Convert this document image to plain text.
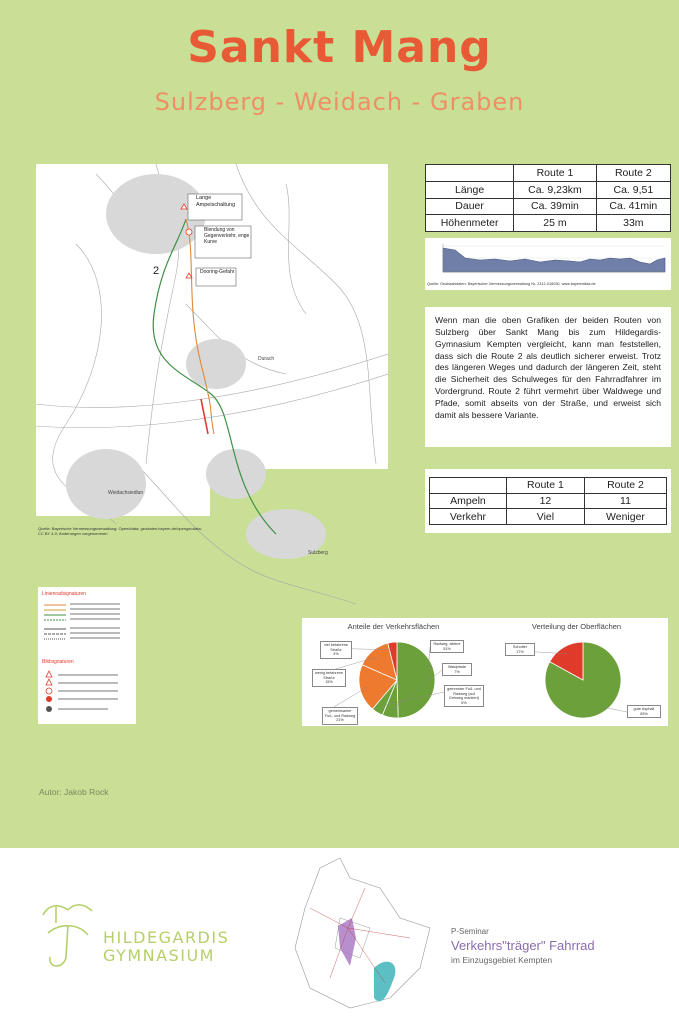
Sankt Mang
Sulzberg - Weidach - Graben
2
Lange Ampelschaltung
Blendung von Gegenverkehr, enge Kurve
Dooring-Gefahr
Durach
Weidachsiedlun
Sulzberg
Quelle: Bayerische Vermessungsverwaltung; Openddata; geodaten.bayern.de/opengeodata; CC BY 4.0; Änderungen vorgenommen
	Route 1	Route 2
Länge	Ca. 9,23km	Ca. 9,51
Dauer	Ca. 39min	Ca. 41min
Höhenmeter	25 m	33m
Quelle: Geobasisdaten: Bayerischer Vermessungsverwaltung Nr. 2312-016030, www.bayernatlas.de

Wenn man die oben Grafiken der beiden Routen von Sulzberg über Sankt Mang bis zum Hildegardis-Gymnasium Kempten vergleicht, kann man feststellen, dass sich die Route 2 als deutlich sicherer erweist. Trotz des längeren Weges und dadurch der längeren Zeit, steht die Sicherheit des Schulweges für den Fahrradfahrer im Vordergrund. Route 2 führt vermehrt über Waldwege und Pfade, somit abseits von der Straße, und erweist sich damit als bessere Variante.

	Route 1	Route 2
Ampeln	12	11
Verkehr	Viel	Weniger
Linienradsignaturen
Bildsignaturen
Anteile der Verkehrsflächen	Verteilung der Oberflächen
Radweg, alleine
51%
Waldpfade
7%
getrennter Fuß- und Radweg (auf Gehweg markiert)
5%
gemeinsamer Fuß- und Radweg
21%
wenig befahrene Straße
15%
viel befahrene Straße
4%
gute Asphalt
83%
Schotter
17%
Autor: Jakob Rock
HILDEGARDIS
GYMNASIUM
P-Seminar
Verkehrs"träger" Fahrrad
im Einzugsgebiet Kempten
